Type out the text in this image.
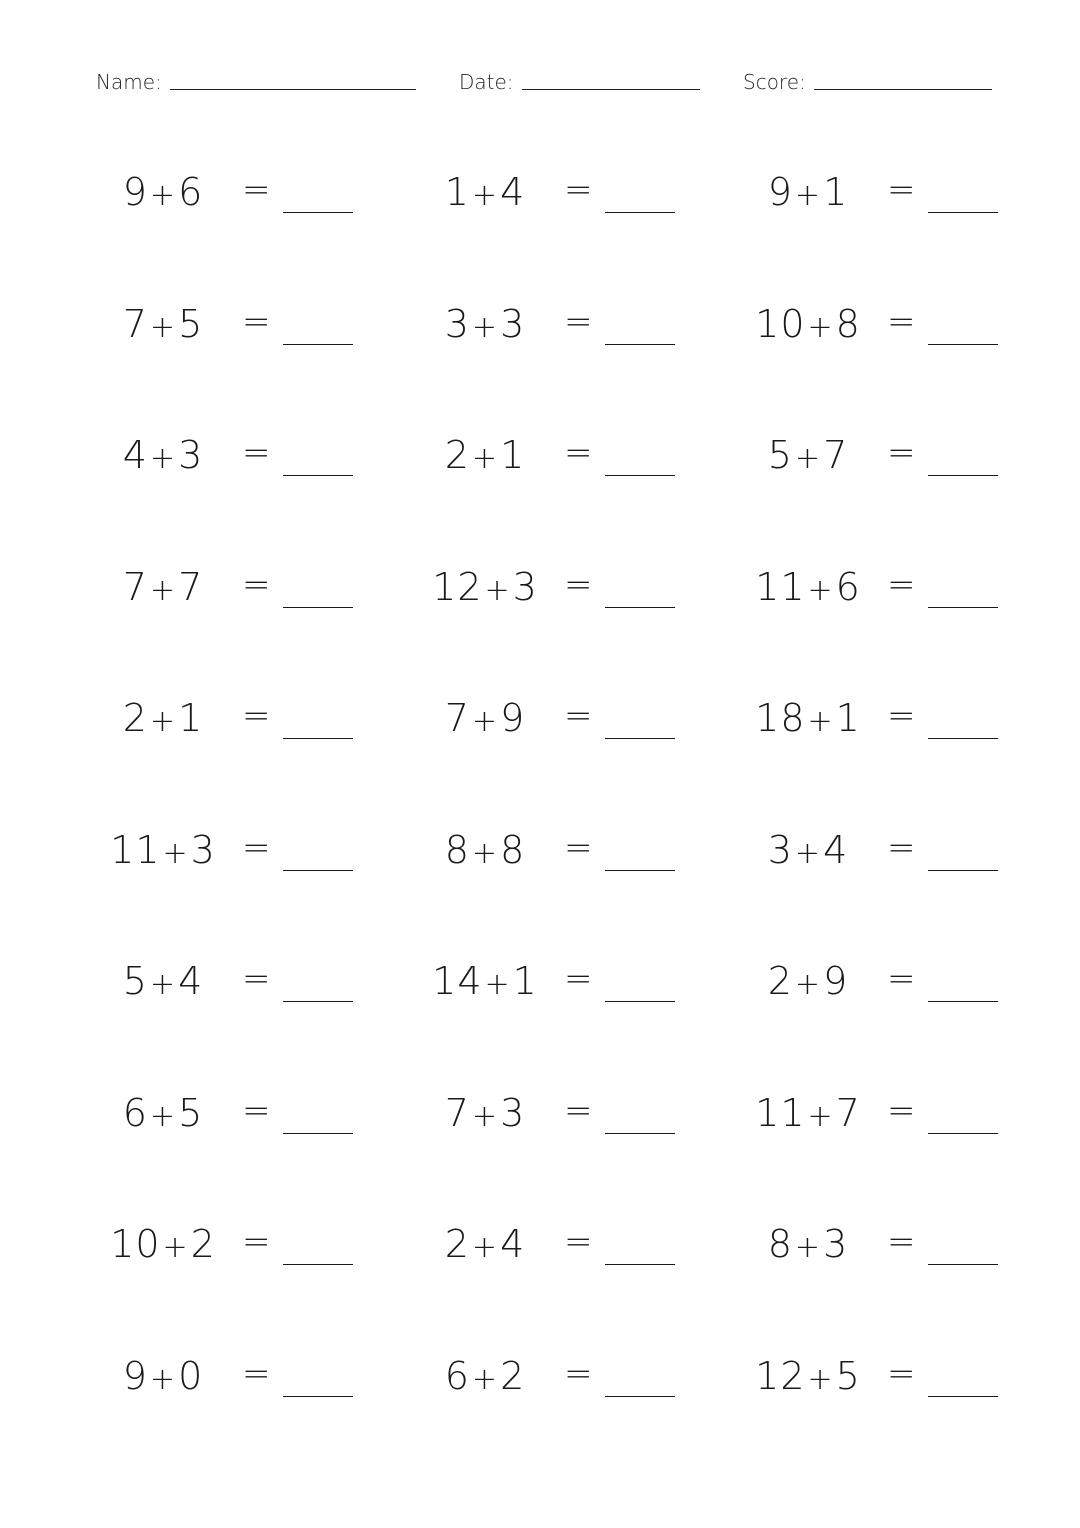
Name:	Date:	Score:
9+6	=	1+4	=	9+1	=
7+5	=	3+3	=	10+8 =
4+3	=	2+1	=	5+7	=
7+7	=	12+3 =	11+6 =
2+1	=	7+9	=	18+1 =
11+3 =	8+8	=	3+4	=
5+4	=	14+1 =	2+9	=
6+5	=	7+3	=	11+7 =
10+2 =	2+4	=	8+3	=
9+0	=	6+2	=	12+5 =
